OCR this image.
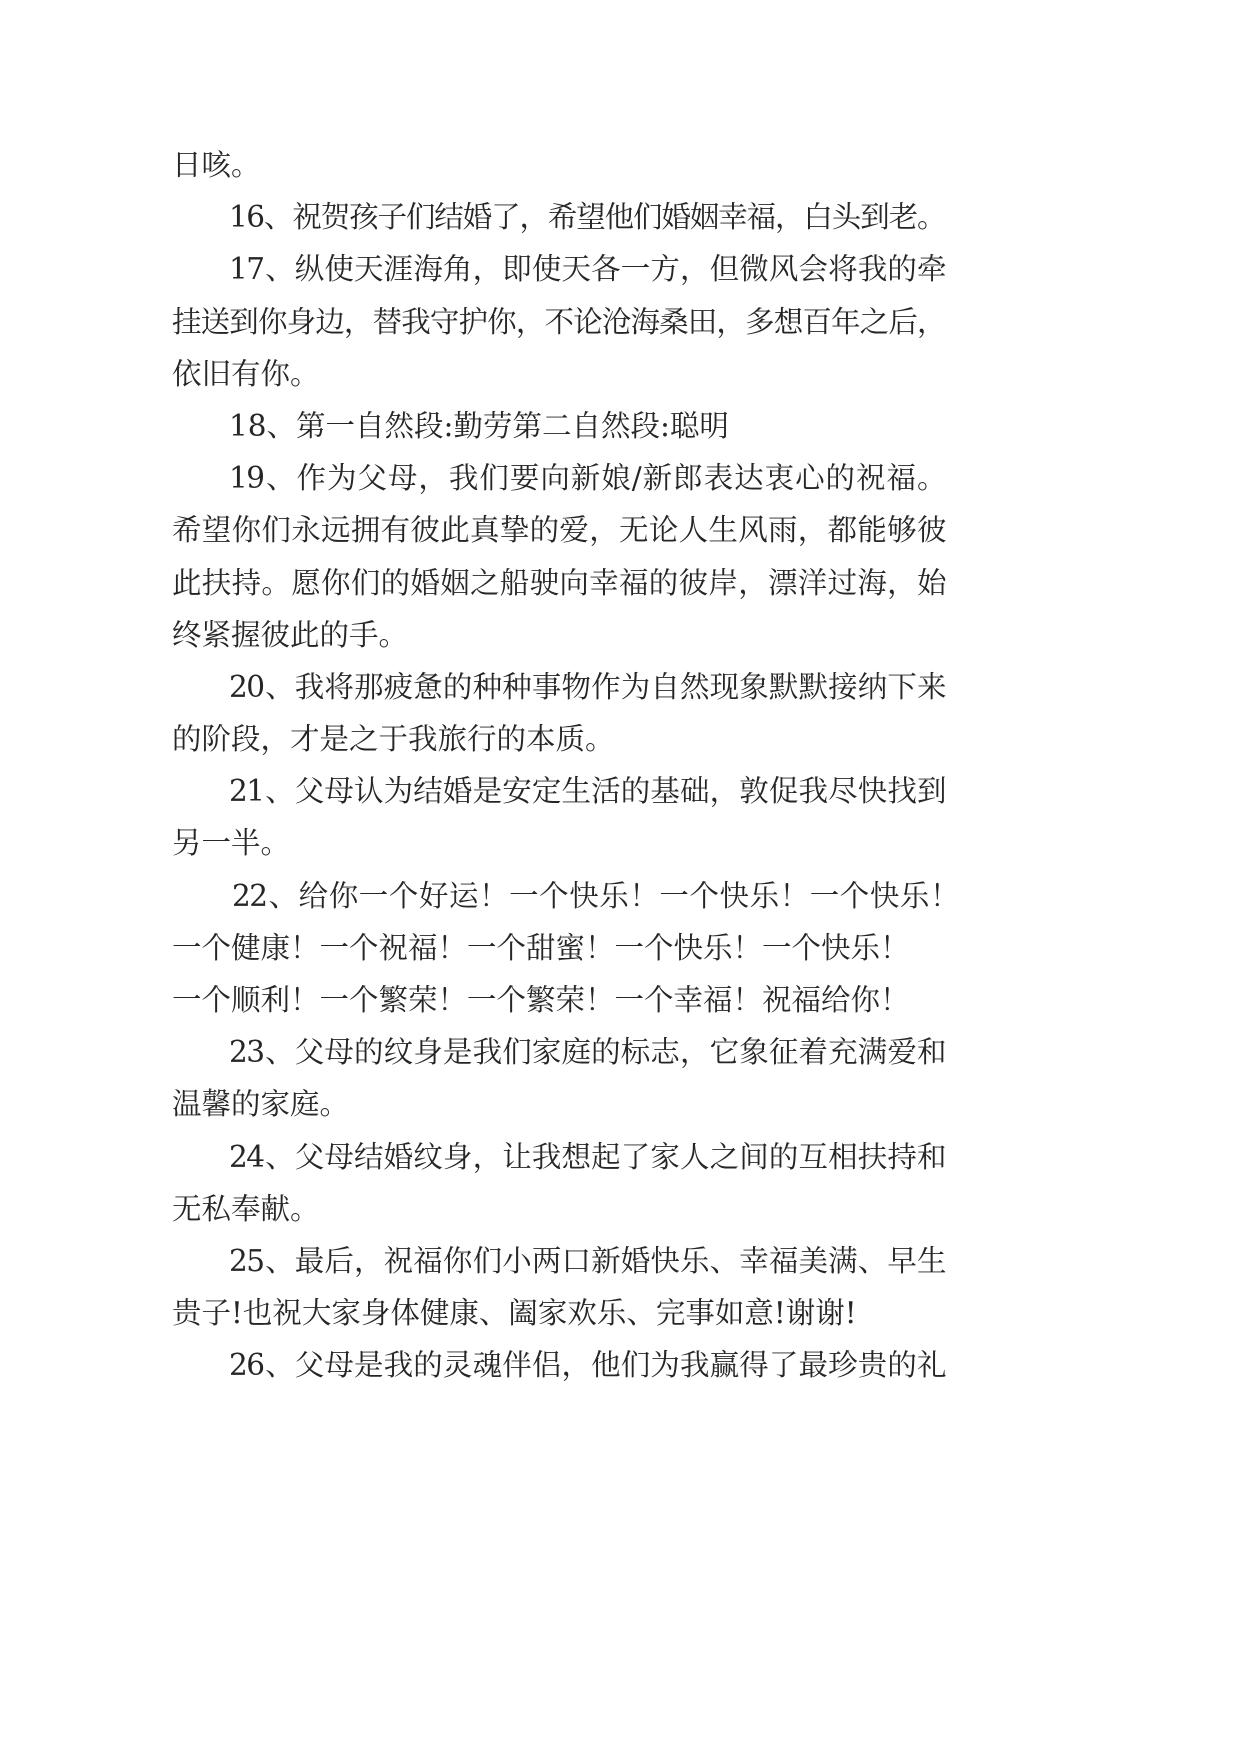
日咳。
16、祝贺孩子们结婚了，希望他们婚姻幸福，白头到老。
17、纵使天涯海角，即使天各一方，但微风会将我的牵
挂送到你身边，替我守护你，不论沧海桑田，多想百年之后，
依旧有你。
18、第一自然段:勤劳第二自然段:聪明
19、作为父母，我们要向新娘/新郎表达衷心的祝福。
希望你们永远拥有彼此真挚的爱，无论人生风雨，都能够彼
此扶持。愿你们的婚姻之船驶向幸福的彼岸，漂洋过海，始
终紧握彼此的手。
20、我将那疲惫的种种事物作为自然现象默默接纳下来
的阶段，才是之于我旅行的本质。
21、父母认为结婚是安定生活的基础，敦促我尽快找到
另一半。
22、给你一个好运！一个快乐！一个快乐！一个快乐！
一个健康！一个祝福！一个甜蜜！一个快乐！一个快乐！
一个顺利！一个繁荣！一个繁荣！一个幸福！祝福给你！
23、父母的纹身是我们家庭的标志，它象征着充满爱和
温馨的家庭。
24、父母结婚纹身，让我想起了家人之间的互相扶持和
无私奉献。
25、最后，祝福你们小两口新婚快乐、幸福美满、早生
贵子!也祝大家身体健康、阖家欢乐、完事如意!谢谢!
26、父母是我的灵魂伴侣，他们为我赢得了最珍贵的礼
